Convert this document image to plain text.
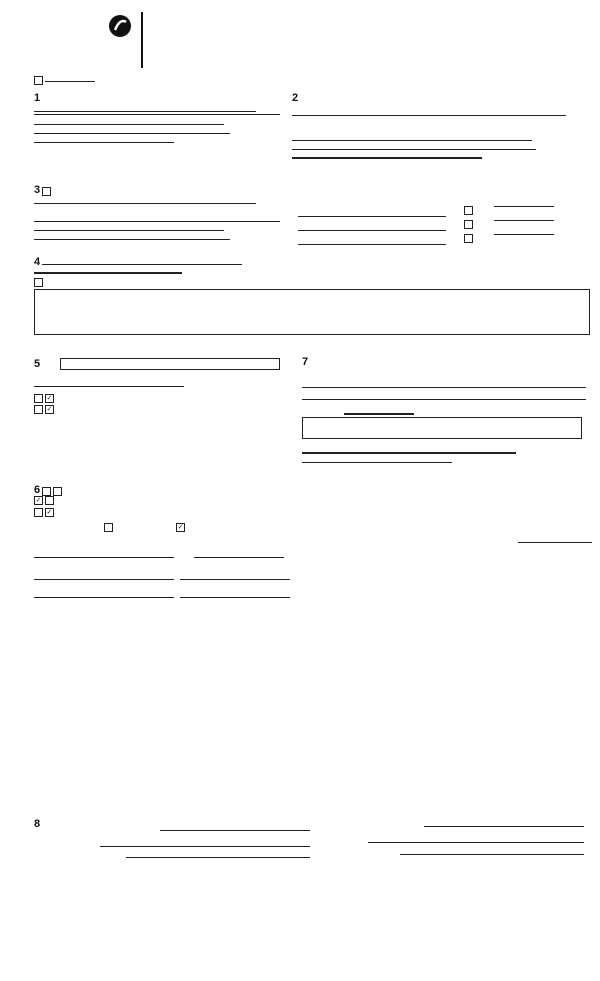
1	2
3
4
5
✓
✓
6
✓
✓
✓
7
8
